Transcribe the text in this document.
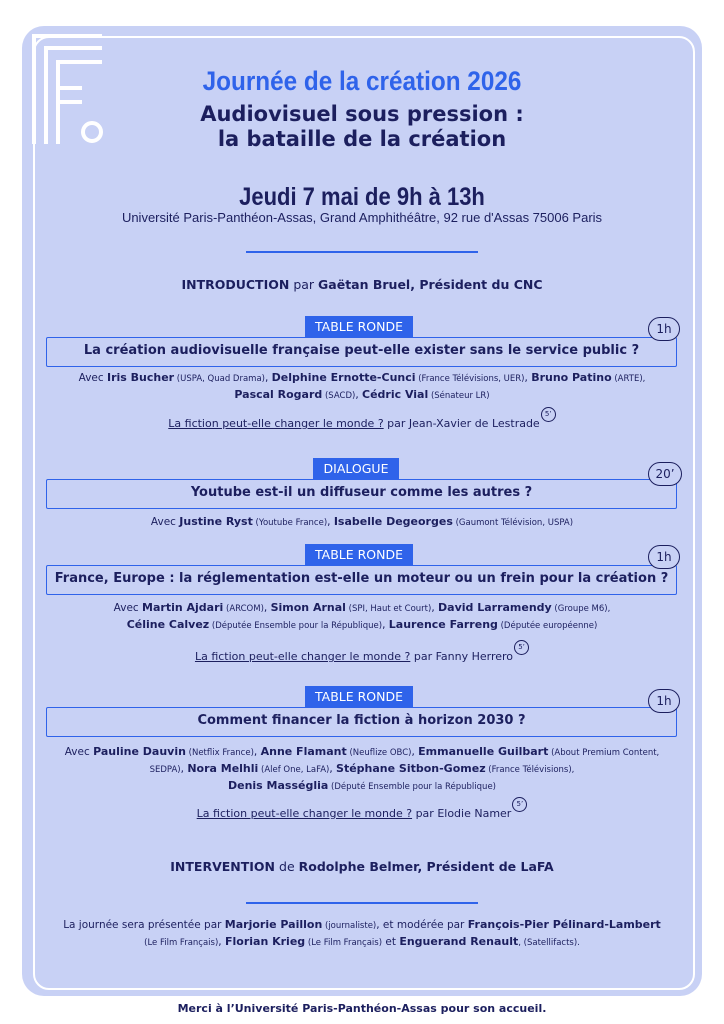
Journée de la création 2026
Audiovisuel sous pression :
la bataille de la création
Jeudi 7 mai de 9h à 13h
Université Paris-Panthéon-Assas, Grand Amphithéâtre, 92 rue d'Assas 75006 Paris
INTRODUCTION par Gaëtan Bruel, Président du CNC
La création audiovisuelle française peut-elle exister sans le service public ?
TABLE RONDE	1h
Avec Iris Bucher (USPA, Quad Drama), Delphine Ernotte-Cunci (France Télévisions, UER), Bruno Patino (ARTE),
Pascal Rogard (SACD), Cédric Vial (Sénateur LR)
La fiction peut-elle changer le monde ? par Jean-Xavier de Lestrade5’
Youtube est-il un diffuseur comme les autres ?
DIALOGUE	20’
Avec Justine Ryst (Youtube France), Isabelle Degeorges (Gaumont Télévision, USPA)
France, Europe : la réglementation est-elle un moteur ou un frein pour la création ?
TABLE RONDE	1h
Avec Martin Ajdari (ARCOM), Simon Arnal (SPI, Haut et Court), David Larramendy (Groupe M6),
Céline Calvez (Députée Ensemble pour la République), Laurence Farreng (Députée européenne)
La fiction peut-elle changer le monde ? par Fanny Herrero5’
Comment financer la fiction à horizon 2030 ?
TABLE RONDE	1h
Avec Pauline Dauvin (Netflix France), Anne Flamant (Neuflize OBC), Emmanuelle Guilbart (About Premium Content,
SEDPA), Nora Melhli (Alef One, LaFA), Stéphane Sitbon-Gomez (France Télévisions),
Denis Masséglia (Député Ensemble pour la République)
La fiction peut-elle changer le monde ? par Elodie Namer5’
INTERVENTION de Rodolphe Belmer, Président de LaFA
La journée sera présentée par Marjorie Paillon (journaliste), et modérée par François-Pier Pélinard-Lambert
(Le Film Français), Florian Krieg (Le Film Français) et Enguerand Renault, (Satellifacts).
Merci à l’Université Paris-Panthéon-Assas pour son accueil.
